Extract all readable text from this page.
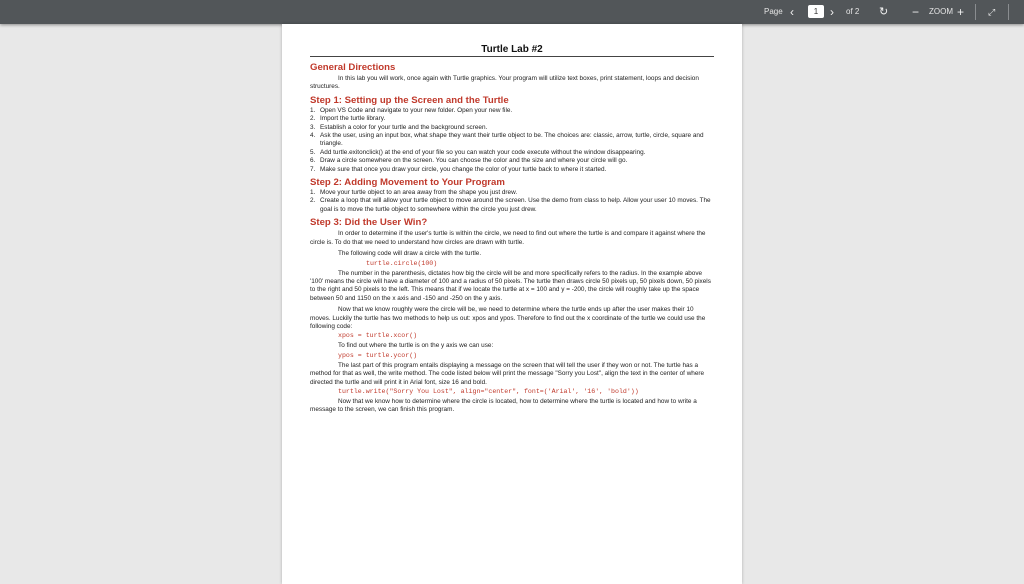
Page ‹	1 › of 2 ↻ − ZOOM +	⤢
Turtle Lab #2
General Directions

In this lab you will work, once again with Turtle graphics. Your program will utilize text boxes, print statement, loops and decision structures.

Step 1: Setting up the Screen and the Turtle
1. Open VS Code and navigate to your new folder. Open your new file.
2. Import the turtle library.
3. Establish a color for your turtle and the background screen.
4. Ask the user, using an input box, what shape they want their turtle object to be. The choices are: classic, arrow, turtle, circle, square and triangle.
5. Add turtle.exitonclick() at the end of your file so you can watch your code execute without the window disappearing.
6. Draw a circle somewhere on the screen. You can choose the color and the size and where your circle will go.
7. Make sure that once you draw your circle, you change the color of your turtle back to where it started.
Step 2: Adding Movement to Your Program
1. Move your turtle object to an area away from the shape you just drew.
2. Create a loop that will allow your turtle object to move around the screen. Use the demo from class to help. Allow your user 10 moves. The goal is to move the turtle object to somewhere within the circle you just drew.
Step 3: Did the User Win?

In order to determine if the user's turtle is within the circle, we need to find out where the turtle is and compare it against where the circle is. To do that we need to understand how circles are drawn with turtle.

The following code will draw a circle with the turtle.

turtle.circle(100)

The number in the parenthesis, dictates how big the circle will be and more specifically refers to the radius. In the example above '100' means the circle will have a diameter of 100 and a radius of 50 pixels. The turtle then draws circle 50 pixels up, 50 pixels down, 50 pixels to the right and 50 pixels to the left. This means that if we locate the turtle at x = 100 and y = -200, the circle will roughly take up the space between 50 and 1150 on the x axis and -150 and -250 on the y axis.

Now that we know roughly were the circle will be, we need to determine where the turtle ends up after the user makes their 10 moves. Luckily the turtle has two methods to help us out: xpos and ypos. Therefore to find out the x coordinate of the turtle we could use the following code:

xpos = turtle.xcor()

To find out where the turtle is on the y axis we can use:

ypos = turtle.ycor()

The last part of this program entails displaying a message on the screen that will tell the user if they won or not. The turtle has a method for that as well, the write method. The code listed below will print the message "Sorry you Lost", align the text in the center of where directed the turtle and will print it in Arial font, size 16 and bold.

turtle.write("Sorry You Lost", align="center", font=('Arial', '16', 'bold'))

Now that we know how to determine where the circle is located, how to determine where the turtle is located and how to write a message to the screen, we can finish this program.
